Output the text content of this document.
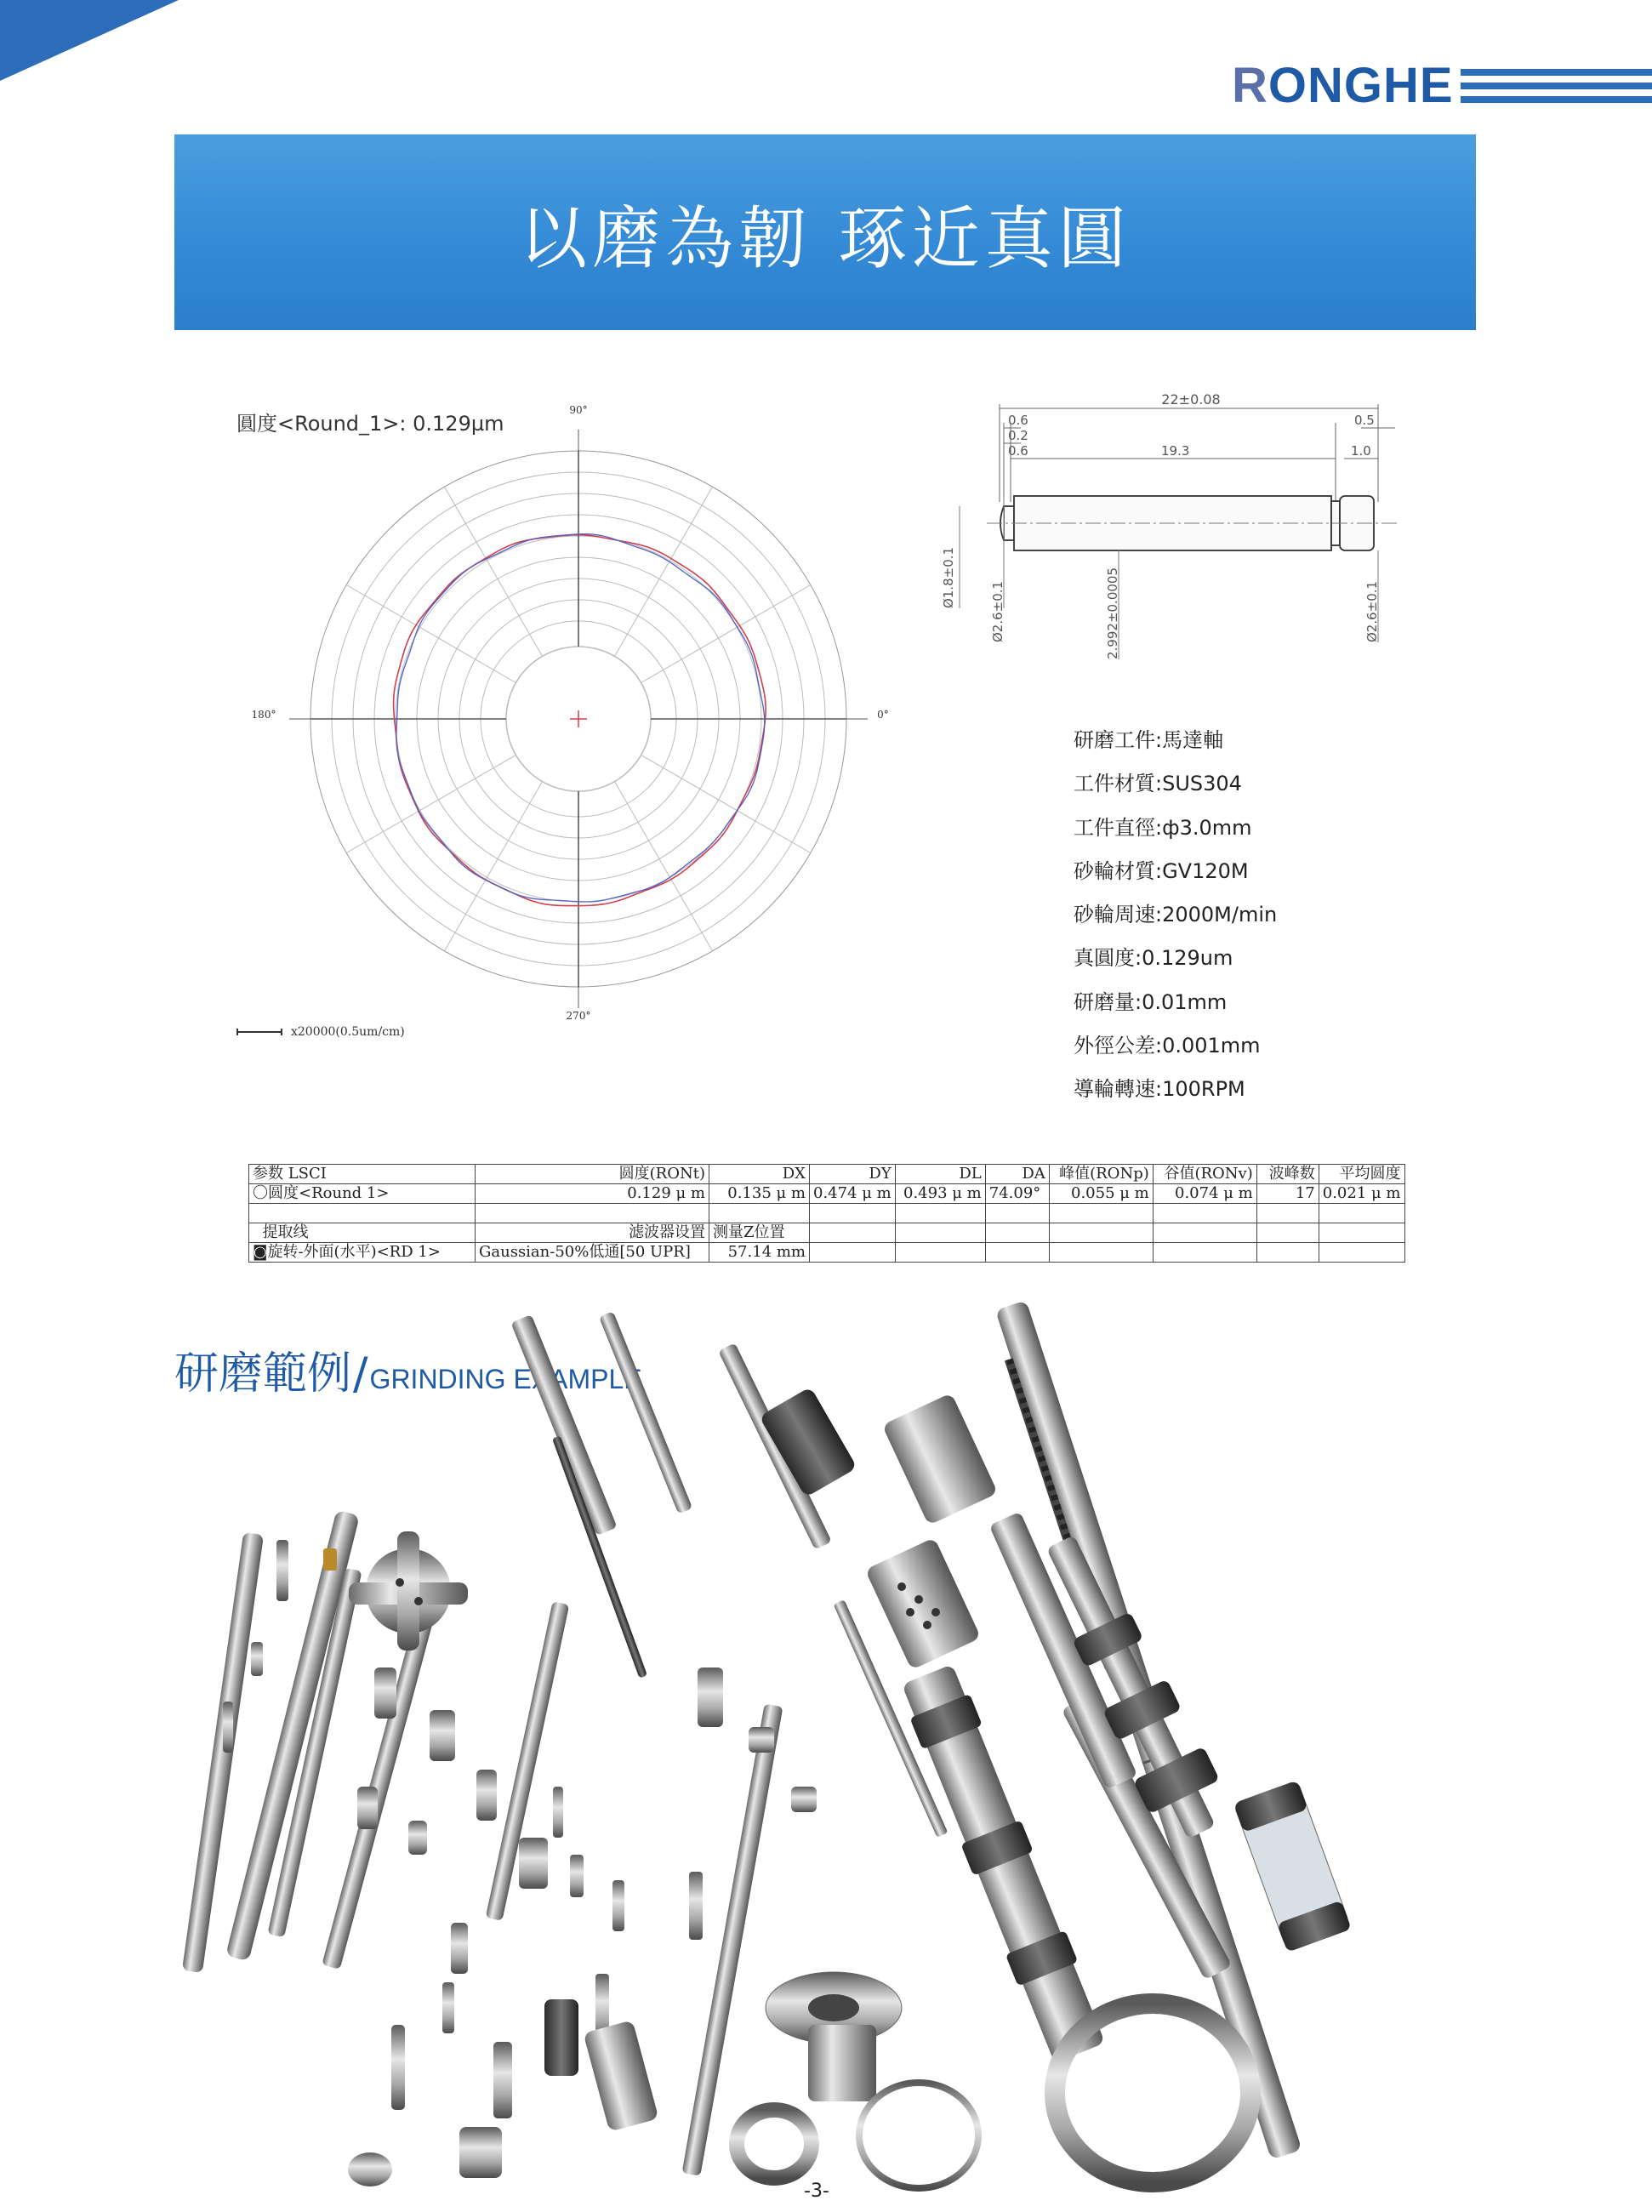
RONGHE
以磨為韌 琢近真圓
圓度<Round_1>: 0.129µm
90°
180°	0°
270°
x20000(0.5um/cm)
22±0.08
0.6
0.2
0.6	19.3
0.5
1.0
Ø1.8±0.1
Ø2.6±0.1	2.992±0.0005	Ø2.6±0.1
研磨工件:馬達軸
工件材質:SUS304
工件直徑:ф3.0mm
砂輪材質:GV120M
砂輪周速:2000M/min
真圓度:0.129um
研磨量:0.01mm
外徑公差:0.001mm
導輪轉速:100RPM
参数 LSCI	圆度(RONt)	DX	DY	DL	DA	峰值(RONp)	谷值(RONv)	波峰数	平均圆度
〇圆度<Round 1>	0.129 μ m	0.135 μ m	0.474 μ m	0.493 μ m	74.09°	0.055 μ m	0.074 μ m	17	0.021 μ m

提取线	滤波器设置	测量Z位置							
◙旋转-外面(水平)<RD 1>	Gaussian-50%低通[50 UPR]	57.14 mm							
研磨範例 / GRINDING EXAMPLE
-3-
